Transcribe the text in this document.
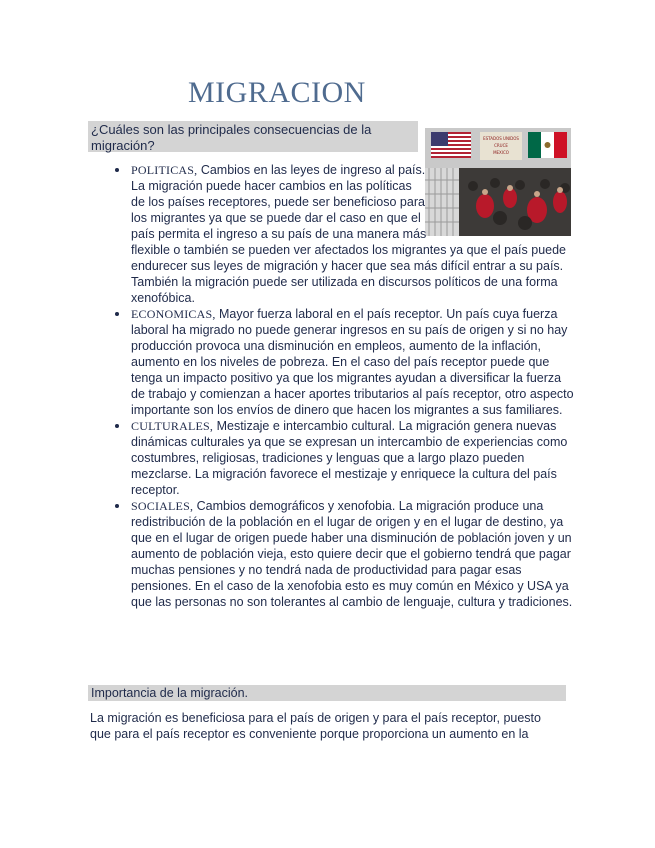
MIGRACION
¿Cuáles son las principales consecuencias de la migración?	ESTADOS UNIDOS
CRUCE
MEXICO
POLITICAS, Cambios en las leyes de ingreso al país. La migración puede hacer cambios en las políticas de los países receptores, puede ser beneficioso para los migrantes ya que se puede dar el caso en que el país permita el ingreso a su país de una manera más flexible o también se pueden ver afectados los migrantes ya que el país puede endurecer sus leyes de migración y hacer que sea más difícil entrar a su país. También la migración puede ser utilizada en discursos políticos de una forma xenofóbica.
ECONOMICAS, Mayor fuerza laboral en el país receptor. Un país cuya fuerza laboral ha migrado no puede generar ingresos en su país de origen y si no hay producción provoca una disminución en empleos, aumento de la inflación, aumento en los niveles de pobreza. En el caso del país receptor puede que tenga un impacto positivo ya que los migrantes ayudan a diversificar la fuerza de trabajo y comienzan a hacer aportes tributarios al país receptor, otro aspecto importante son los envíos de dinero que hacen los migrantes a sus familiares.
CULTURALES, Mestizaje e intercambio cultural. La migración genera nuevas dinámicas culturales ya que se expresan un intercambio de experiencias como costumbres, religiosas, tradiciones y lenguas que a largo plazo pueden mezclarse. La migración favorece el mestizaje y enriquece la cultura del país receptor.
SOCIALES, Cambios demográficos y xenofobia. La migración produce una redistribución de la población en el lugar de origen y en el lugar de destino, ya que en el lugar de origen puede haber una disminución de población joven y un aumento de población vieja, esto quiere decir que el gobierno tendrá que pagar muchas pensiones y no tendrá nada de productividad para pagar esas pensiones. En el caso de la xenofobia esto es muy común en México y USA ya que las personas no son tolerantes al cambio de lenguaje, cultura y tradiciones.
Importancia de la migración.
La migración es beneficiosa para el país de origen y para el país receptor, puesto que para el país receptor es conveniente porque proporciona un aumento en la
